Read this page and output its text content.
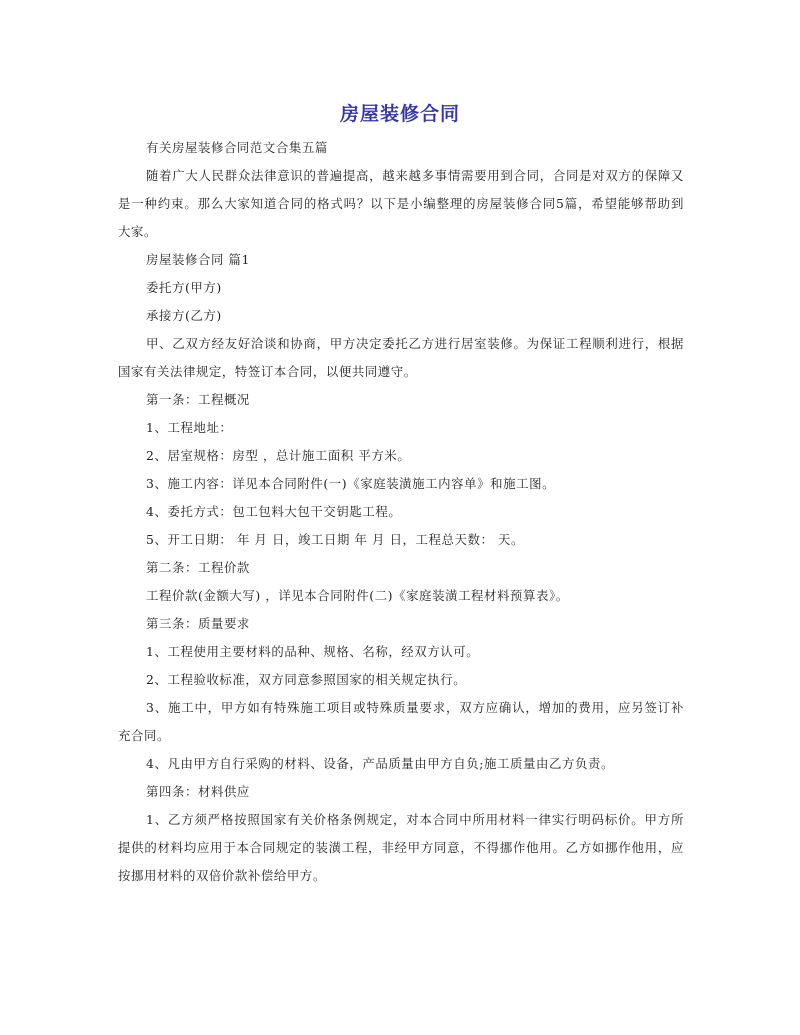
房屋装修合同

有关房屋装修合同范文合集五篇

随着广大人民群众法律意识的普遍提高，越来越多事情需要用到合同，合同是对双方的保障又是一种约束。那么大家知道合同的格式吗？以下是小编整理的房屋装修合同5篇，希望能够帮助到大家。

房屋装修合同 篇1

委托方(甲方)

承接方(乙方)

甲、乙双方经友好洽谈和协商，甲方决定委托乙方进行居室装修。为保证工程顺利进行，根据国家有关法律规定，特签订本合同，以便共同遵守。

第一条：工程概况

1、工程地址：

2、居室规格：房型 ，总计施工面积 平方米。

3、施工内容：详见本合同附件(一)《家庭装潢施工内容单》和施工图。

4、委托方式：包工包料大包干交钥匙工程。

5、开工日期： 年 月 日，竣工日期 年 月 日，工程总天数： 天。

第二条：工程价款

工程价款(金额大写) ，详见本合同附件(二)《家庭装潢工程材料预算表》。

第三条：质量要求

1、工程使用主要材料的品种、规格、名称，经双方认可。

2、工程验收标准，双方同意参照国家的相关规定执行。

3、施工中，甲方如有特殊施工项目或特殊质量要求，双方应确认，增加的费用，应另签订补充合同。

4、凡由甲方自行采购的材料、设备，产品质量由甲方自负;施工质量由乙方负责。

第四条：材料供应

1、乙方须严格按照国家有关价格条例规定，对本合同中所用材料一律实行明码标价。甲方所提供的材料均应用于本合同规定的装潢工程，非经甲方同意，不得挪作他用。乙方如挪作他用，应按挪用材料的双倍价款补偿给甲方。
